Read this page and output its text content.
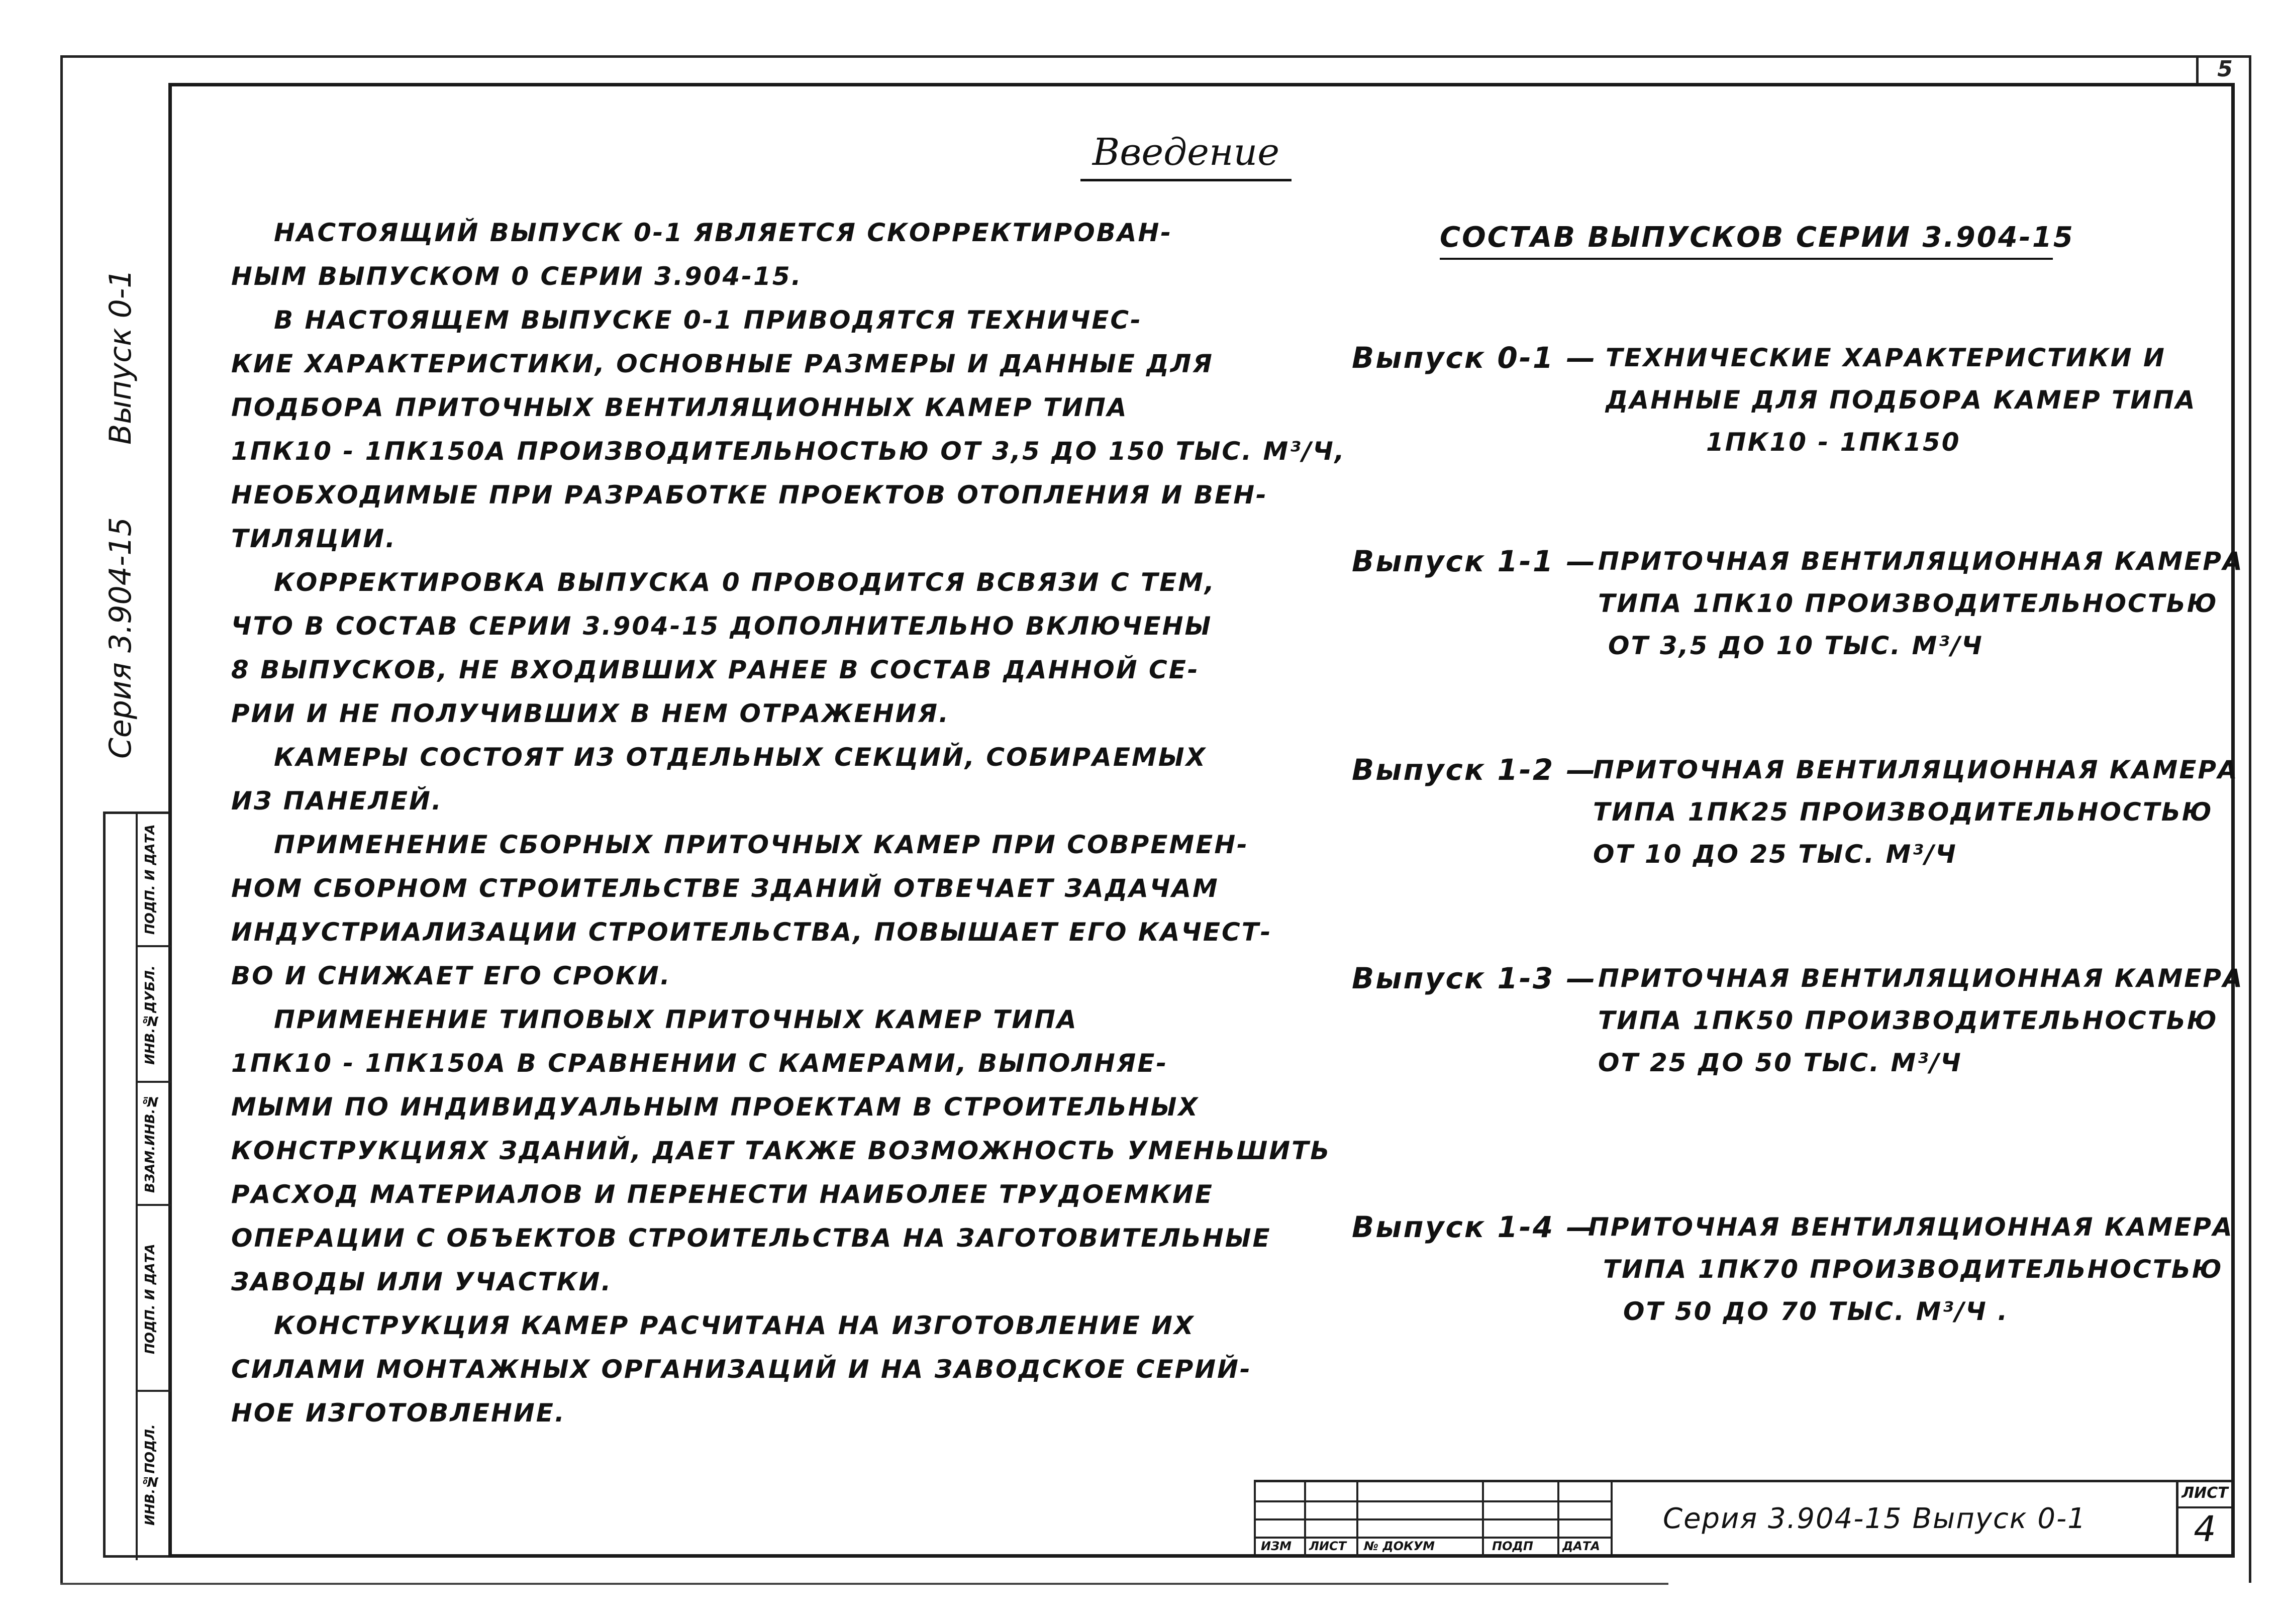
5
Введение
Выпуск 0-1
Серия 3.904-15
ПОДП. И ДАТА
ИНВ.№ДУБЛ.
ВЗАМ.ИНВ.№
ПОДП. И ДАТА
ИНВ.№ПОДЛ.

НАСТОЯЩИЙ ВЫПУСК 0-1 ЯВЛЯЕТСЯ СКОРРЕКТИРОВАН-
НЫМ ВЫПУСКОМ 0 СЕРИИ 3.904-15.

В НАСТОЯЩЕМ ВЫПУСКЕ 0-1 ПРИВОДЯТСЯ ТЕХНИЧЕС-
КИЕ ХАРАКТЕРИСТИКИ, ОСНОВНЫЕ РАЗМЕРЫ И ДАННЫЕ ДЛЯ
ПОДБОРА ПРИТОЧНЫХ ВЕНТИЛЯЦИОННЫХ КАМЕР ТИПА
1ПК10 - 1ПК150А ПРОИЗВОДИТЕЛЬНОСТЬЮ ОТ 3,5 ДО 150 ТЫС. М³/Ч,
НЕОБХОДИМЫЕ ПРИ РАЗРАБОТКЕ ПРОЕКТОВ ОТОПЛЕНИЯ И ВЕН-
ТИЛЯЦИИ.

КОРРЕКТИРОВКА ВЫПУСКА 0 ПРОВОДИТСЯ ВСВЯЗИ С ТЕМ,
ЧТО В СОСТАВ СЕРИИ 3.904-15 ДОПОЛНИТЕЛЬНО ВКЛЮЧЕНЫ
8 ВЫПУСКОВ, НЕ ВХОДИВШИХ РАНЕЕ В СОСТАВ ДАННОЙ СЕ-
РИИ И НЕ ПОЛУЧИВШИХ В НЕМ ОТРАЖЕНИЯ.

КАМЕРЫ СОСТОЯТ ИЗ ОТДЕЛЬНЫХ СЕКЦИЙ, СОБИРАЕМЫХ
ИЗ ПАНЕЛЕЙ.

ПРИМЕНЕНИЕ СБОРНЫХ ПРИТОЧНЫХ КАМЕР ПРИ СОВРЕМЕН-
НОМ СБОРНОМ СТРОИТЕЛЬСТВЕ ЗДАНИЙ ОТВЕЧАЕТ ЗАДАЧАМ
ИНДУСТРИАЛИЗАЦИИ СТРОИТЕЛЬСТВА, ПОВЫШАЕТ ЕГО КАЧЕСТ-
ВО И СНИЖАЕТ ЕГО СРОКИ.

ПРИМЕНЕНИЕ ТИПОВЫХ ПРИТОЧНЫХ КАМЕР ТИПА
1ПК10 - 1ПК150А В СРАВНЕНИИ С КАМЕРАМИ, ВЫПОЛНЯЕ-
МЫМИ ПО ИНДИВИДУАЛЬНЫМ ПРОЕКТАМ В СТРОИТЕЛЬНЫХ
КОНСТРУКЦИЯХ ЗДАНИЙ, ДАЕТ ТАКЖЕ ВОЗМОЖНОСТЬ УМЕНЬШИТЬ
РАСХОД МАТЕРИАЛОВ И ПЕРЕНЕСТИ НАИБОЛЕЕ ТРУДОЕМКИЕ
ОПЕРАЦИИ С ОБЪЕКТОВ СТРОИТЕЛЬСТВА НА ЗАГОТОВИТЕЛЬНЫЕ
ЗАВОДЫ ИЛИ УЧАСТКИ.

КОНСТРУКЦИЯ КАМЕР РАСЧИТАНА НА ИЗГОТОВЛЕНИЕ ИХ
СИЛАМИ МОНТАЖНЫХ ОРГАНИЗАЦИЙ И НА ЗАВОДСКОЕ СЕРИЙ-
НОЕ ИЗГОТОВЛЕНИЕ.

СОСТАВ ВЫПУСКОВ СЕРИИ 3.904-15
Выпуск 0-1 — ТЕХНИЧЕСКИЕ ХАРАКТЕРИСТИКИ И
ДАННЫЕ ДЛЯ ПОДБОРА КАМЕР ТИПА
1ПК10 - 1ПК150
Выпуск 1-1 — ПРИТОЧНАЯ ВЕНТИЛЯЦИОННАЯ КАМЕРА
ТИПА 1ПК10 ПРОИЗВОДИТЕЛЬНОСТЬЮ
ОТ 3,5 ДО 10 ТЫС. М³/Ч
Выпуск 1-2 —
ПРИТОЧНАЯ ВЕНТИЛЯЦИОННАЯ КАМЕРА
ТИПА 1ПК25 ПРОИЗВОДИТЕЛЬНОСТЬЮ
ОТ 10 ДО 25 ТЫС. М³/Ч
Выпуск 1-3 — ПРИТОЧНАЯ ВЕНТИЛЯЦИОННАЯ КАМЕРА
ТИПА 1ПК50 ПРОИЗВОДИТЕЛЬНОСТЬЮ
ОТ 25 ДО 50 ТЫС. М³/Ч
Выпуск 1-4 —
ПРИТОЧНАЯ ВЕНТИЛЯЦИОННАЯ КАМЕРА
ТИПА 1ПК70 ПРОИЗВОДИТЕЛЬНОСТЬЮ
ОТ 50 ДО 70 ТЫС. М³/Ч .
ИЗМ ЛИСТ № ДОКУМ	ПОДП ДАТА
Серия 3.904-15 Выпуск 0-1
ЛИСТ
4
